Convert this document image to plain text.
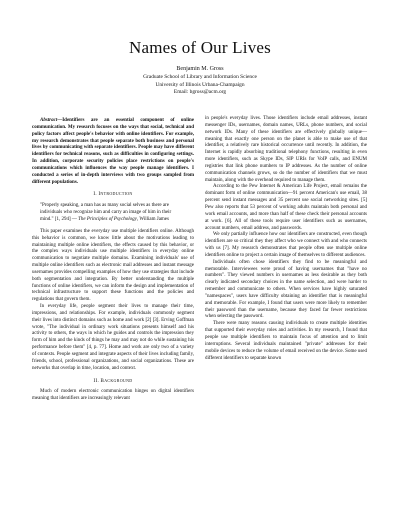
Names of Our Lives
Benjamin M. Gross
Graduate School of Library and Information Science
University of Illinois Urbana-Champaign
Email: bgross@acm.org

Abstract—Identifiers are an essential component of online communication. My research focuses on the ways that social, technical and policy factors affect people's behavior with online identifiers. For example, my research demonstrates that people separate both business and personal lives by communicating with separate identifiers. People may have different identifiers for technical reasons, such as difficulties in configuring settings. In addition, corporate security policies place restrictions on people's communications which influences the way people manage identifiers. I conducted a series of in-depth interviews with two groups sampled from different populations.

I. Introduction
"Properly speaking, a man has as many social selves as there are individuals who recognize him and carry an image of him in their mind." [1, 294] — The Principles of Psychology, William James

This paper examines the everyday use multiple identifiers online. Although this behavior is common, we know little about the motivations leading to maintaining multiple online identifiers, the effects caused by this behavior, or the complex ways individuals use multiple identifiers in everyday online communication to negotiate multiple domains. Examining individuals' use of multiple online identifiers such as electronic mail addresses and instant message usernames provides compelling examples of how they use strategies that include both segmentation and integration. By better understanding the multiple functions of online identifiers, we can inform the design and implementation of technical infrastructure to support these functions and the policies and regulations that govern them.

In everyday life, people segment their lives to manage their time, impressions, and relationships. For example, individuals commonly segment their lives into distinct domains such as home and work [2] [3]. Erving Goffman wrote, "The individual in ordinary work situations presents himself and his activity to others, the ways in which he guides and controls the impression they form of him and the kinds of things he may and may not do while sustaining his performance before them" [4, p. 77]. Home and work are only two of a variety of contexts. People segment and integrate aspects of their lives including family, friends, school, professional organizations, and social organizations. These are networks that overlap in time, location, and context.

II. Background

Much of modern electronic communication hinges on digital identifiers meaning that identifiers are increasingly relevant

in people's everyday lives. Those identifiers include email addresses, instant messenger IDs, usernames, domain names, URLs, phone numbers, and social network IDs. Many of these identifiers are effectively globally unique—meaning that exactly one person on the planet is able to make use of that identifier, a relatively rare historical occurrence until recently. In addition, the Internet is rapidly absorbing traditional telephony functions, resulting in even more identifiers, such as Skype IDs, SIP URIs for VoIP calls, and ENUM registries that link phone numbers to IP addresses. As the number of online communication channels grows, so do the number of identifiers that we must maintain, along with the overhead required to manage them.

According to the Pew Internet & American Life Project, email remains the dominant form of online communication—91 percent American's use email, 38 percent send instant messages and 35 percent use social networking sites. [5] Pew also reports that 53 percent of working adults maintain both personal and work email accounts, and more than half of these check their personal accounts at work. [6]. All of these tools require user identifiers such as usernames, account numbers, email address, and passwords.

We only partially influence how our identifiers are constructed, even though identifiers are so critical they they affect who we connect with and who connects with us [7]. My research demonstrates that people often use multiple online identifiers online to project a certain image of themselves to different audiences.

Individuals often chose identifiers they find to be meaningful and memorable. Interviewees were proud of having usernames that "have no numbers". They viewed numbers in usernames as less desirable as they both clearly indicated secondary choices in the name selection, and were harder to remember and communicate to others. When services have highly saturated "namespaces", users have difficulty obtaining an identifier that is meaningful and memorable. For example, I found that users were more likely to remember their password than the username, because they faced far fewer restrictions when selecting the password.

There were many reasons causing individuals to create multiple identities that supported their everyday roles and activities. In my research, I found that people use multiple identifiers to maintain focus of attention and to limit interruptions. Several individuals maintained "private" addresses for their mobile devices to reduce the volume of email received on the device. Some used different identifiers to separate known
